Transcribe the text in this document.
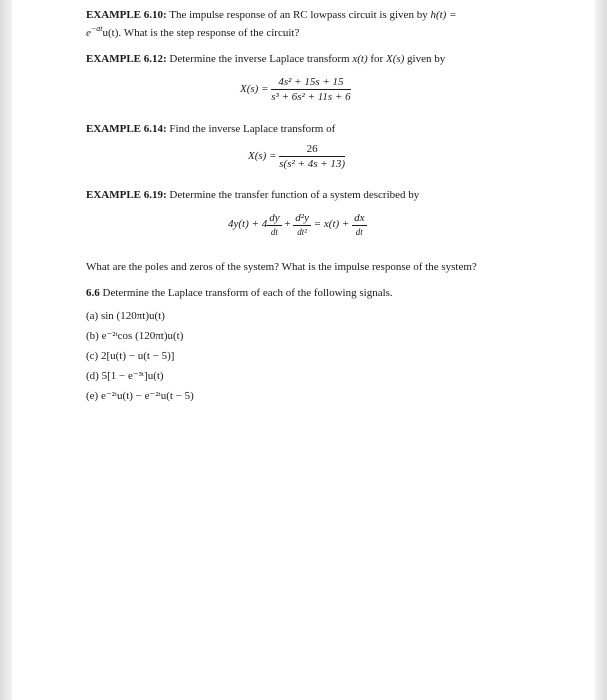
EXAMPLE 6.10: The impulse response of an RC lowpass circuit is given by h(t) =
$e^{-at}u(t)$. What is the step response of the circuit?
EXAMPLE 6.12: Determine the inverse Laplace transform x(t) for X(s) given by
$X(s) = \frac{\text{4s² + 15s + 15}}{\text{s³ + 6s² + 11s + 6}}$
EXAMPLE 6.14: Find the inverse Laplace transform of
$X(s) = \frac{26}{\text{s(s² + 4s + 13)}}$
EXAMPLE 6.19: Determine the transfer function of a system described by
$4y(t) + 4 \frac{dy}{dt} + \frac{\text{d²y}}{\text{dt²}} = x(t) + \frac{dx}{dt}$
What are the poles and zeros of the system? What is the impulse response of the system?
6.6 Determine the Laplace transform of each of the following signals.
(a) sin (120πt)u(t)
(b) e⁻²ᵗcos (120πt)u(t)
(c) 2[u(t) − u(t − 5)]
(d) 5[1 − e⁻³ᵗ]u(t)
(e) e⁻²ᵗu(t) − e⁻²ᵗu(t − 5)
